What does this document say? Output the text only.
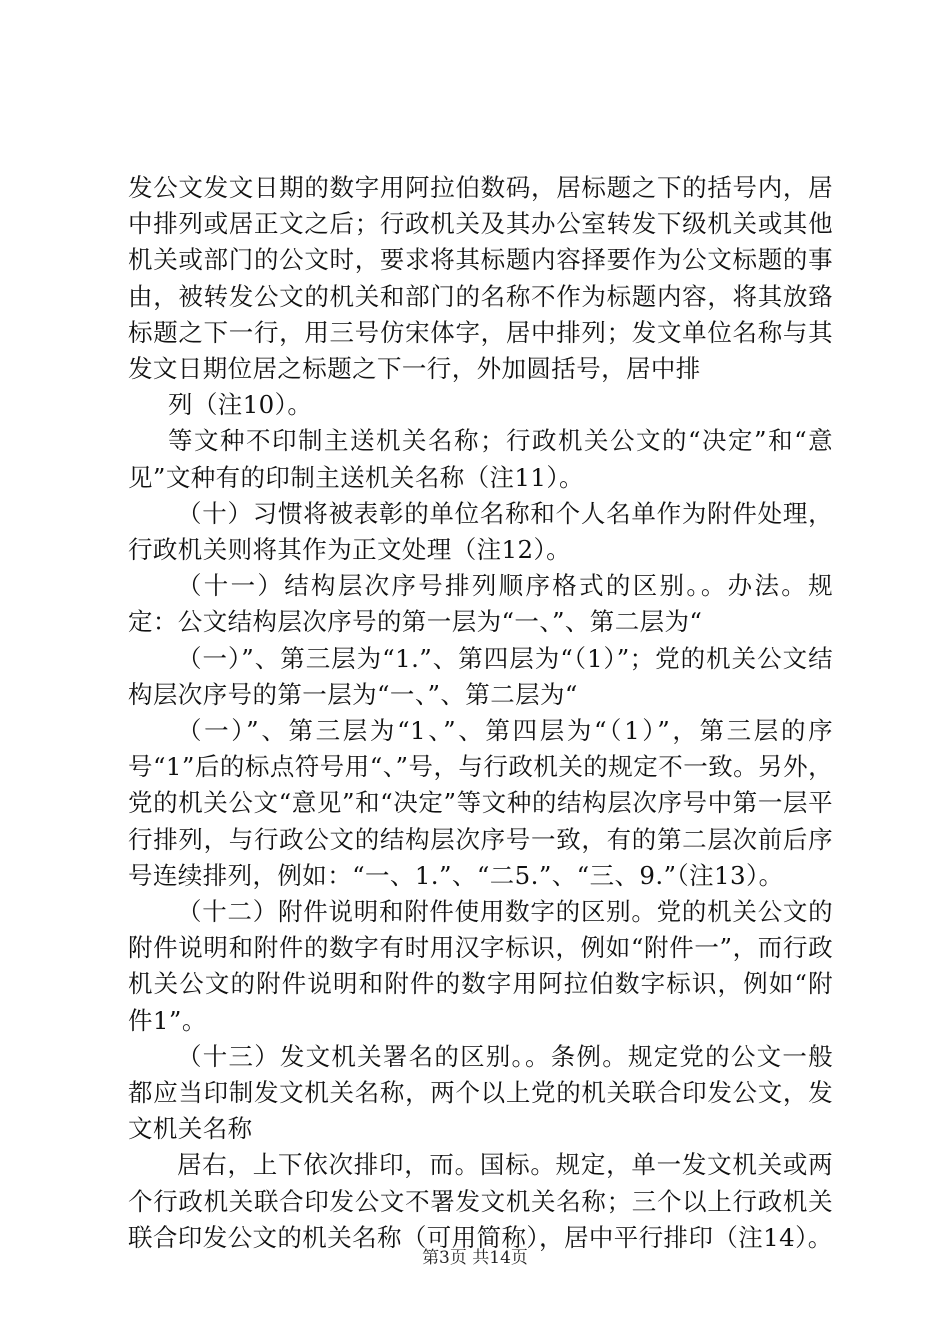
发公文发文日期的数字用阿拉伯数码，居标题之下的括号内，居中排列或居正文之后；行政机关及其办公室转发下级机关或其他机关或部门的公文时，要求将其标题内容择要作为公文标题的事由，被转发公文的机关和部门的名称不作为标题内容，将其放臵标题之下一行，用三号仿宋体字，居中排列；发文单位名称与其发文日期位居之标题之下一行，外加圆括号，居中排

列（注10）。

等文种不印制主送机关名称；行政机关公文的“决定”和“意见”文种有的印制主送机关名称（注11）。

（十）习惯将被表彰的单位名称和个人名单作为附件处理，行政机关则将其作为正文处理（注12）。

（十一）结构层次序号排列顺序格式的区别。。办法。规定：公文结构层次序号的第一层为“一、”、第二层为“

（一）”、第三层为“1.”、第四层为“（1）”；党的机关公文结构层次序号的第一层为“一、”、第二层为“

（一）”、第三层为“1、”、第四层为“（1）”，第三层的序号“1”后的标点符号用“、”号，与行政机关的规定不一致。另外，党的机关公文“意见”和“决定”等文种的结构层次序号中第一层平行排列，与行政公文的结构层次序号一致，有的第二层次前后序号连续排列，例如：“一、1.”、“二5.”、“三、9.”（注13）。

（十二）附件说明和附件使用数字的区别。党的机关公文的附件说明和附件的数字有时用汉字标识，例如“附件一”，而行政机关公文的附件说明和附件的数字用阿拉伯数字标识，例如“附件1”。

（十三）发文机关署名的区别。。条例。规定党的公文一般都应当印制发文机关名称，两个以上党的机关联合印发公文，发文机关名称

居右，上下依次排印，而。国标。规定，单一发文机关或两个行政机关联合印发公文不署发文机关名称；三个以上行政机关联合印发公文的机关名称（可用简称），居中平行排印（注14）。

第3页 共14页
